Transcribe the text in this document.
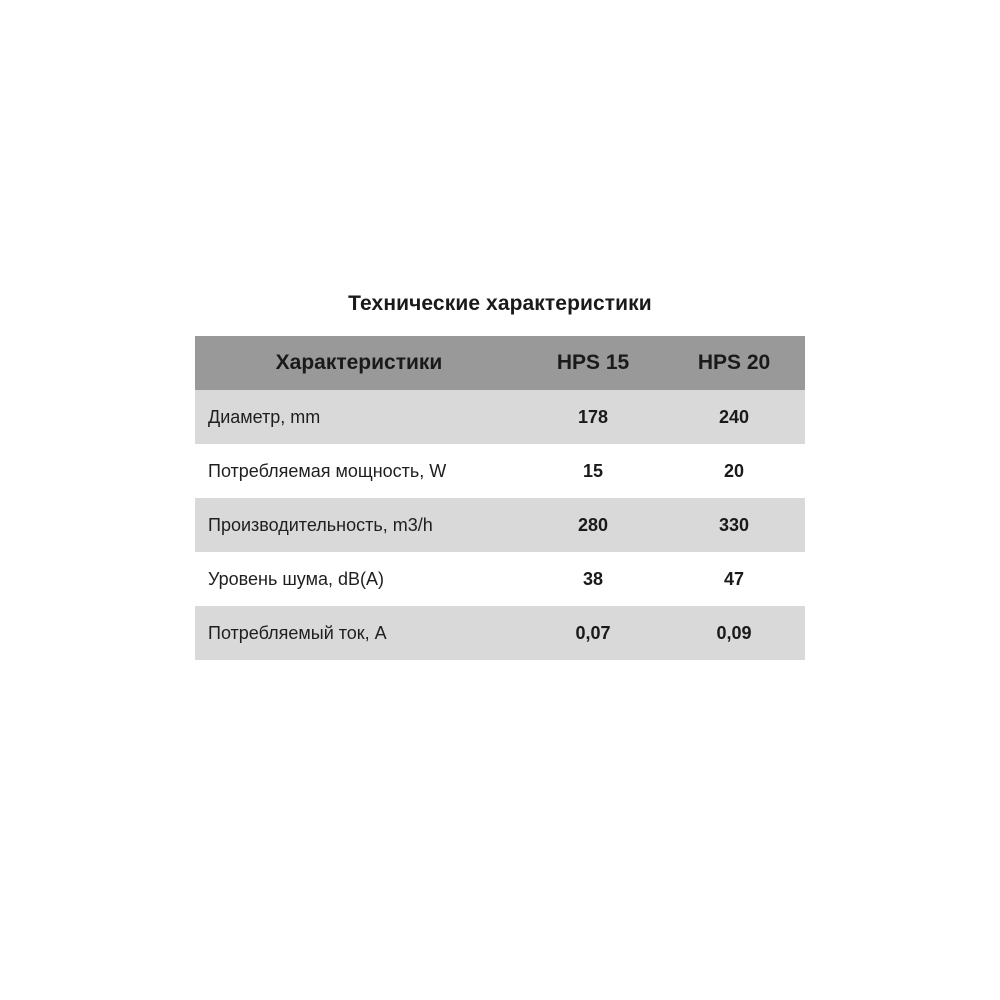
Технические характеристики
Характеристики	HPS 15	HPS 20
Диаметр, mm	178	240
Потребляемая мощность, W	15	20
Производительность, m3/h	280	330
Уровень шума, dB(A)	38	47
Потребляемый ток, A	0,07	0,09
